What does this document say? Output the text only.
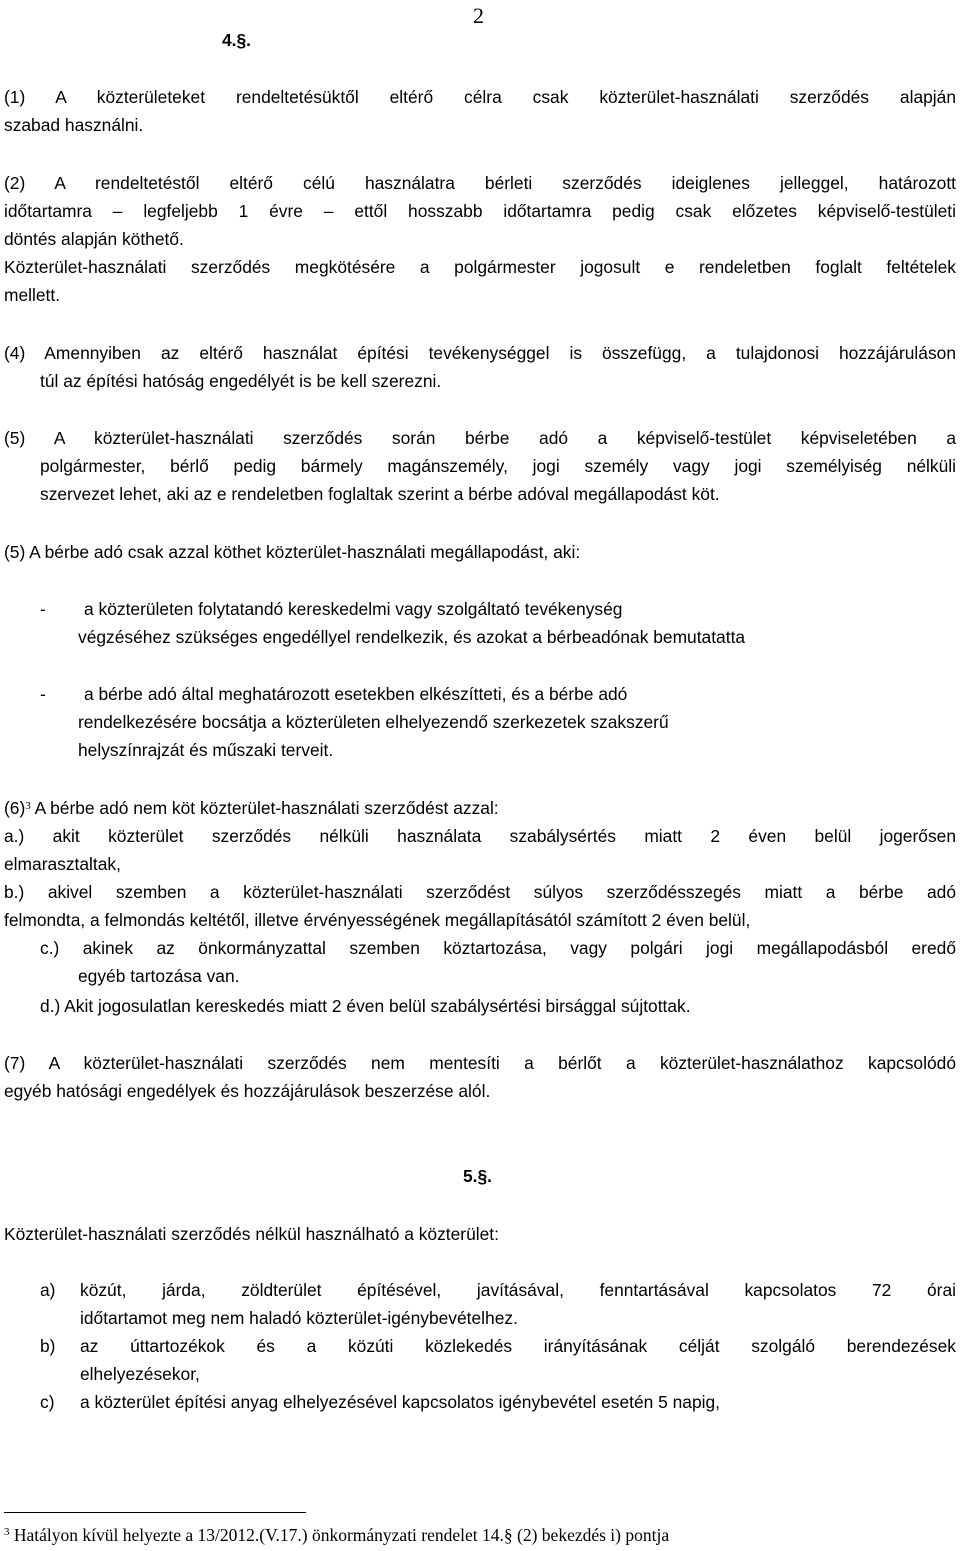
2
4.§.
(1) A közterületeket rendeltetésüktől eltérő célra csak közterület-használati szerződés alapján
szabad használni.
(2) A rendeltetéstől eltérő célú használatra bérleti szerződés ideiglenes jelleggel, határozott
időtartamra – legfeljebb 1 évre – ettől hosszabb időtartamra pedig csak előzetes képviselő-testületi
döntés alapján köthető.
Közterület-használati szerződés megkötésére a polgármester jogosult e rendeletben foglalt feltételek
mellett.
(4) Amennyiben az eltérő használat építési tevékenységgel is összefügg, a tulajdonosi hozzájáruláson
túl az építési hatóság engedélyét is be kell szerezni.
(5) A közterület-használati szerződés során bérbe adó a képviselő-testület képviseletében a
polgármester, bérlő pedig bármely magánszemély, jogi személy vagy jogi személyiség nélküli
szervezet lehet, aki az e rendeletben foglaltak szerint a bérbe adóval megállapodást köt.
(5) A bérbe adó csak azzal köthet közterület-használati megállapodást, aki:
- a közterületen folytatandó kereskedelmi vagy szolgáltató tevékenység
végzéséhez szükséges engedéllyel rendelkezik, és azokat a bérbeadónak bemutatatta
- a bérbe adó által meghatározott esetekben elkészítteti, és a bérbe adó
rendelkezésére bocsátja a közterületen elhelyezendő szerkezetek szakszerű
helyszínrajzát és műszaki terveit.
$(6)^3$ A bérbe adó nem köt közterület-használati szerződést azzal:
a.) akit közterület szerződés nélküli használata szabálysértés miatt 2 éven belül jogerősen
elmarasztaltak,
b.) akivel szemben a közterület-használati szerződést súlyos szerződésszegés miatt a bérbe adó
felmondta, a felmondás keltétől, illetve érvényességének megállapításától számított 2 éven belül,
c.) akinek az önkormányzattal szemben köztartozása, vagy polgári jogi megállapodásból eredő
egyéb tartozása van.
d.) Akit jogosulatlan kereskedés miatt 2 éven belül szabálysértési birsággal sújtottak.
(7) A közterület-használati szerződés nem mentesíti a bérlőt a közterület-használathoz kapcsolódó
egyéb hatósági engedélyek és hozzájárulások beszerzése alól.
5.§.
Közterület-használati szerződés nélkül használható a közterület:
a) közút, járda, zöldterület építésével, javításával, fenntartásával kapcsolatos 72 órai
időtartamot meg nem haladó közterület-igénybevételhez.
b) az úttartozékok és a közúti közlekedés irányításának célját szolgáló berendezések
elhelyezésekor,
c) a közterület építési anyag elhelyezésével kapcsolatos igénybevétel esetén 5 napig,
$^3$ Hatályon kívül helyezte a 13/2012.(V.17.) önkormányzati rendelet 14.§ (2) bekezdés i) pontja
